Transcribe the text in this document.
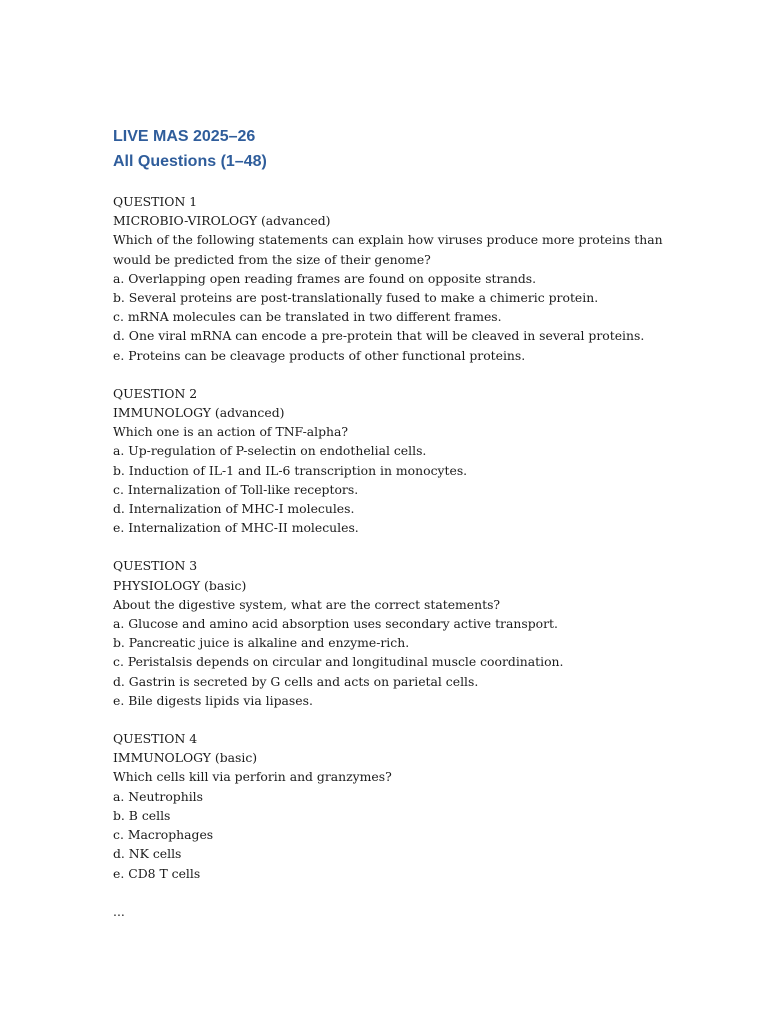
LIVE MAS 2025–26
All Questions (1–48)
QUESTION 1
MICROBIO-VIROLOGY (advanced)
Which of the following statements can explain how viruses produce more proteins than
would be predicted from the size of their genome?
a. Overlapping open reading frames are found on opposite strands.
b. Several proteins are post-translationally fused to make a chimeric protein.
c. mRNA molecules can be translated in two different frames.
d. One viral mRNA can encode a pre-protein that will be cleaved in several proteins.
e. Proteins can be cleavage products of other functional proteins.
QUESTION 2
IMMUNOLOGY (advanced)
Which one is an action of TNF-alpha?
a. Up-regulation of P-selectin on endothelial cells.
b. Induction of IL-1 and IL-6 transcription in monocytes.
c. Internalization of Toll-like receptors.
d. Internalization of MHC-I molecules.
e. Internalization of MHC-II molecules.
QUESTION 3
PHYSIOLOGY (basic)
About the digestive system, what are the correct statements?
a. Glucose and amino acid absorption uses secondary active transport.
b. Pancreatic juice is alkaline and enzyme-rich.
c. Peristalsis depends on circular and longitudinal muscle coordination.
d. Gastrin is secreted by G cells and acts on parietal cells.
e. Bile digests lipids via lipases.
QUESTION 4
IMMUNOLOGY (basic)
Which cells kill via perforin and granzymes?
a. Neutrophils
b. B cells
c. Macrophages
d. NK cells
e. CD8 T cells
...
